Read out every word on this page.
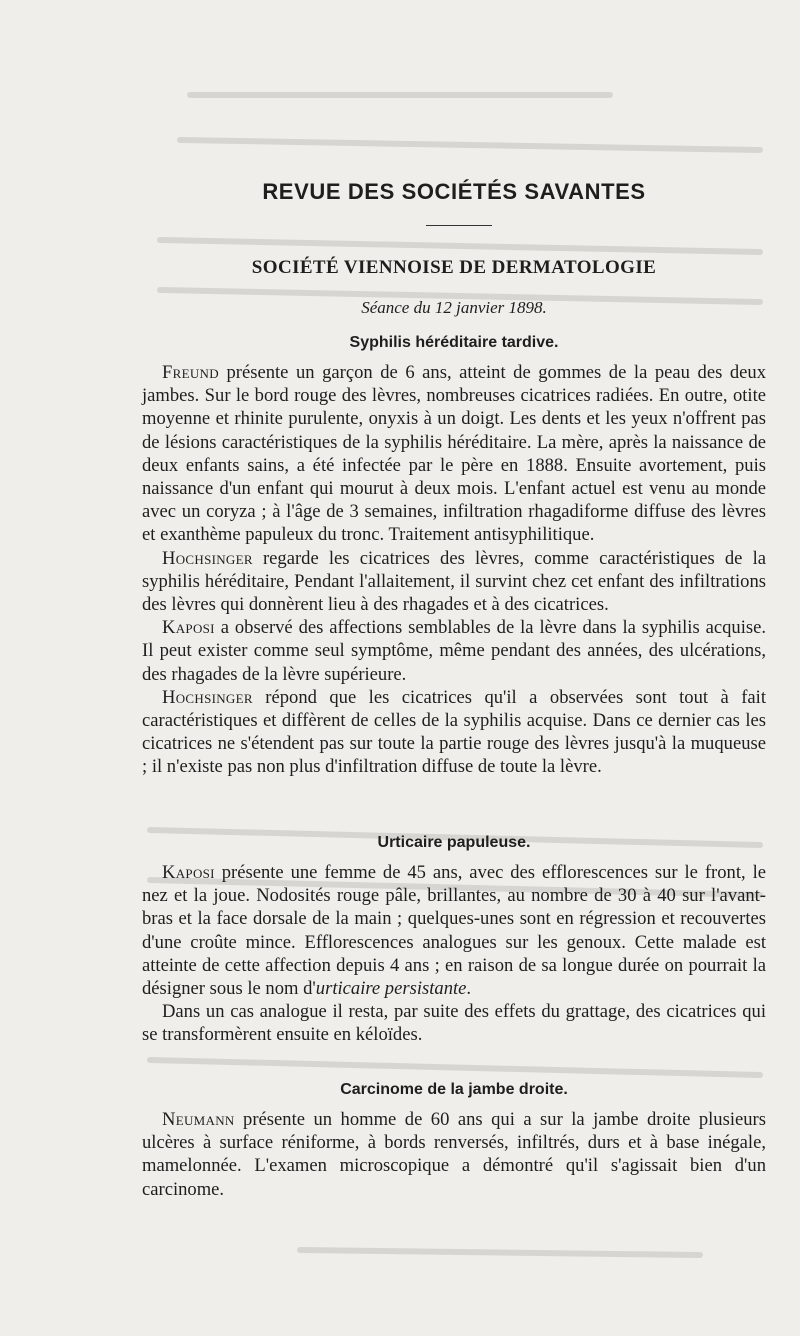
REVUE DES SOCIÉTÉS SAVANTES
SOCIÉTÉ VIENNOISE DE DERMATOLOGIE
Séance du 12 janvier 1898.
Syphilis héréditaire tardive.

Freund présente un garçon de 6 ans, atteint de gommes de la peau des deux jambes. Sur le bord rouge des lèvres, nombreuses cicatrices radiées. En outre, otite moyenne et rhinite purulente, onyxis à un doigt. Les dents et les yeux n'offrent pas de lésions caractéristiques de la syphilis héréditaire. La mère, après la naissance de deux enfants sains, a été infectée par le père en 1888. Ensuite avortement, puis naissance d'un enfant qui mourut à deux mois. L'enfant actuel est venu au monde avec un coryza ; à l'âge de 3 semaines, infiltration rhagadiforme diffuse des lèvres et exanthème papuleux du tronc. Traitement antisyphilitique.

Hochsinger regarde les cicatrices des lèvres, comme caractéristiques de la syphilis héréditaire, Pendant l'allaitement, il survint chez cet enfant des infiltrations des lèvres qui donnèrent lieu à des rhagades et à des cicatrices.

Kaposi a observé des affections semblables de la lèvre dans la syphilis acquise. Il peut exister comme seul symptôme, même pendant des années, des ulcérations, des rhagades de la lèvre supérieure.

Hochsinger répond que les cicatrices qu'il a observées sont tout à fait caractéristiques et diffèrent de celles de la syphilis acquise. Dans ce dernier cas les cicatrices ne s'étendent pas sur toute la partie rouge des lèvres jusqu'à la muqueuse ; il n'existe pas non plus d'infiltration diffuse de toute la lèvre.

Urticaire papuleuse.

Kaposi présente une femme de 45 ans, avec des efflorescences sur le front, le nez et la joue. Nodosités rouge pâle, brillantes, au nombre de 30 à 40 sur l'avant-bras et la face dorsale de la main ; quelques-unes sont en régression et recouvertes d'une croûte mince. Efflorescences analogues sur les genoux. Cette malade est atteinte de cette affection depuis 4 ans ; en raison de sa longue durée on pourrait la désigner sous le nom d'urticaire persistante.

Dans un cas analogue il resta, par suite des effets du grattage, des cicatrices qui se transformèrent ensuite en kéloïdes.

Carcinome de la jambe droite.

Neumann présente un homme de 60 ans qui a sur la jambe droite plusieurs ulcères à surface réniforme, à bords renversés, infiltrés, durs et à base inégale, mamelonnée. L'examen microscopique a démontré qu'il s'agissait bien d'un carcinome.
